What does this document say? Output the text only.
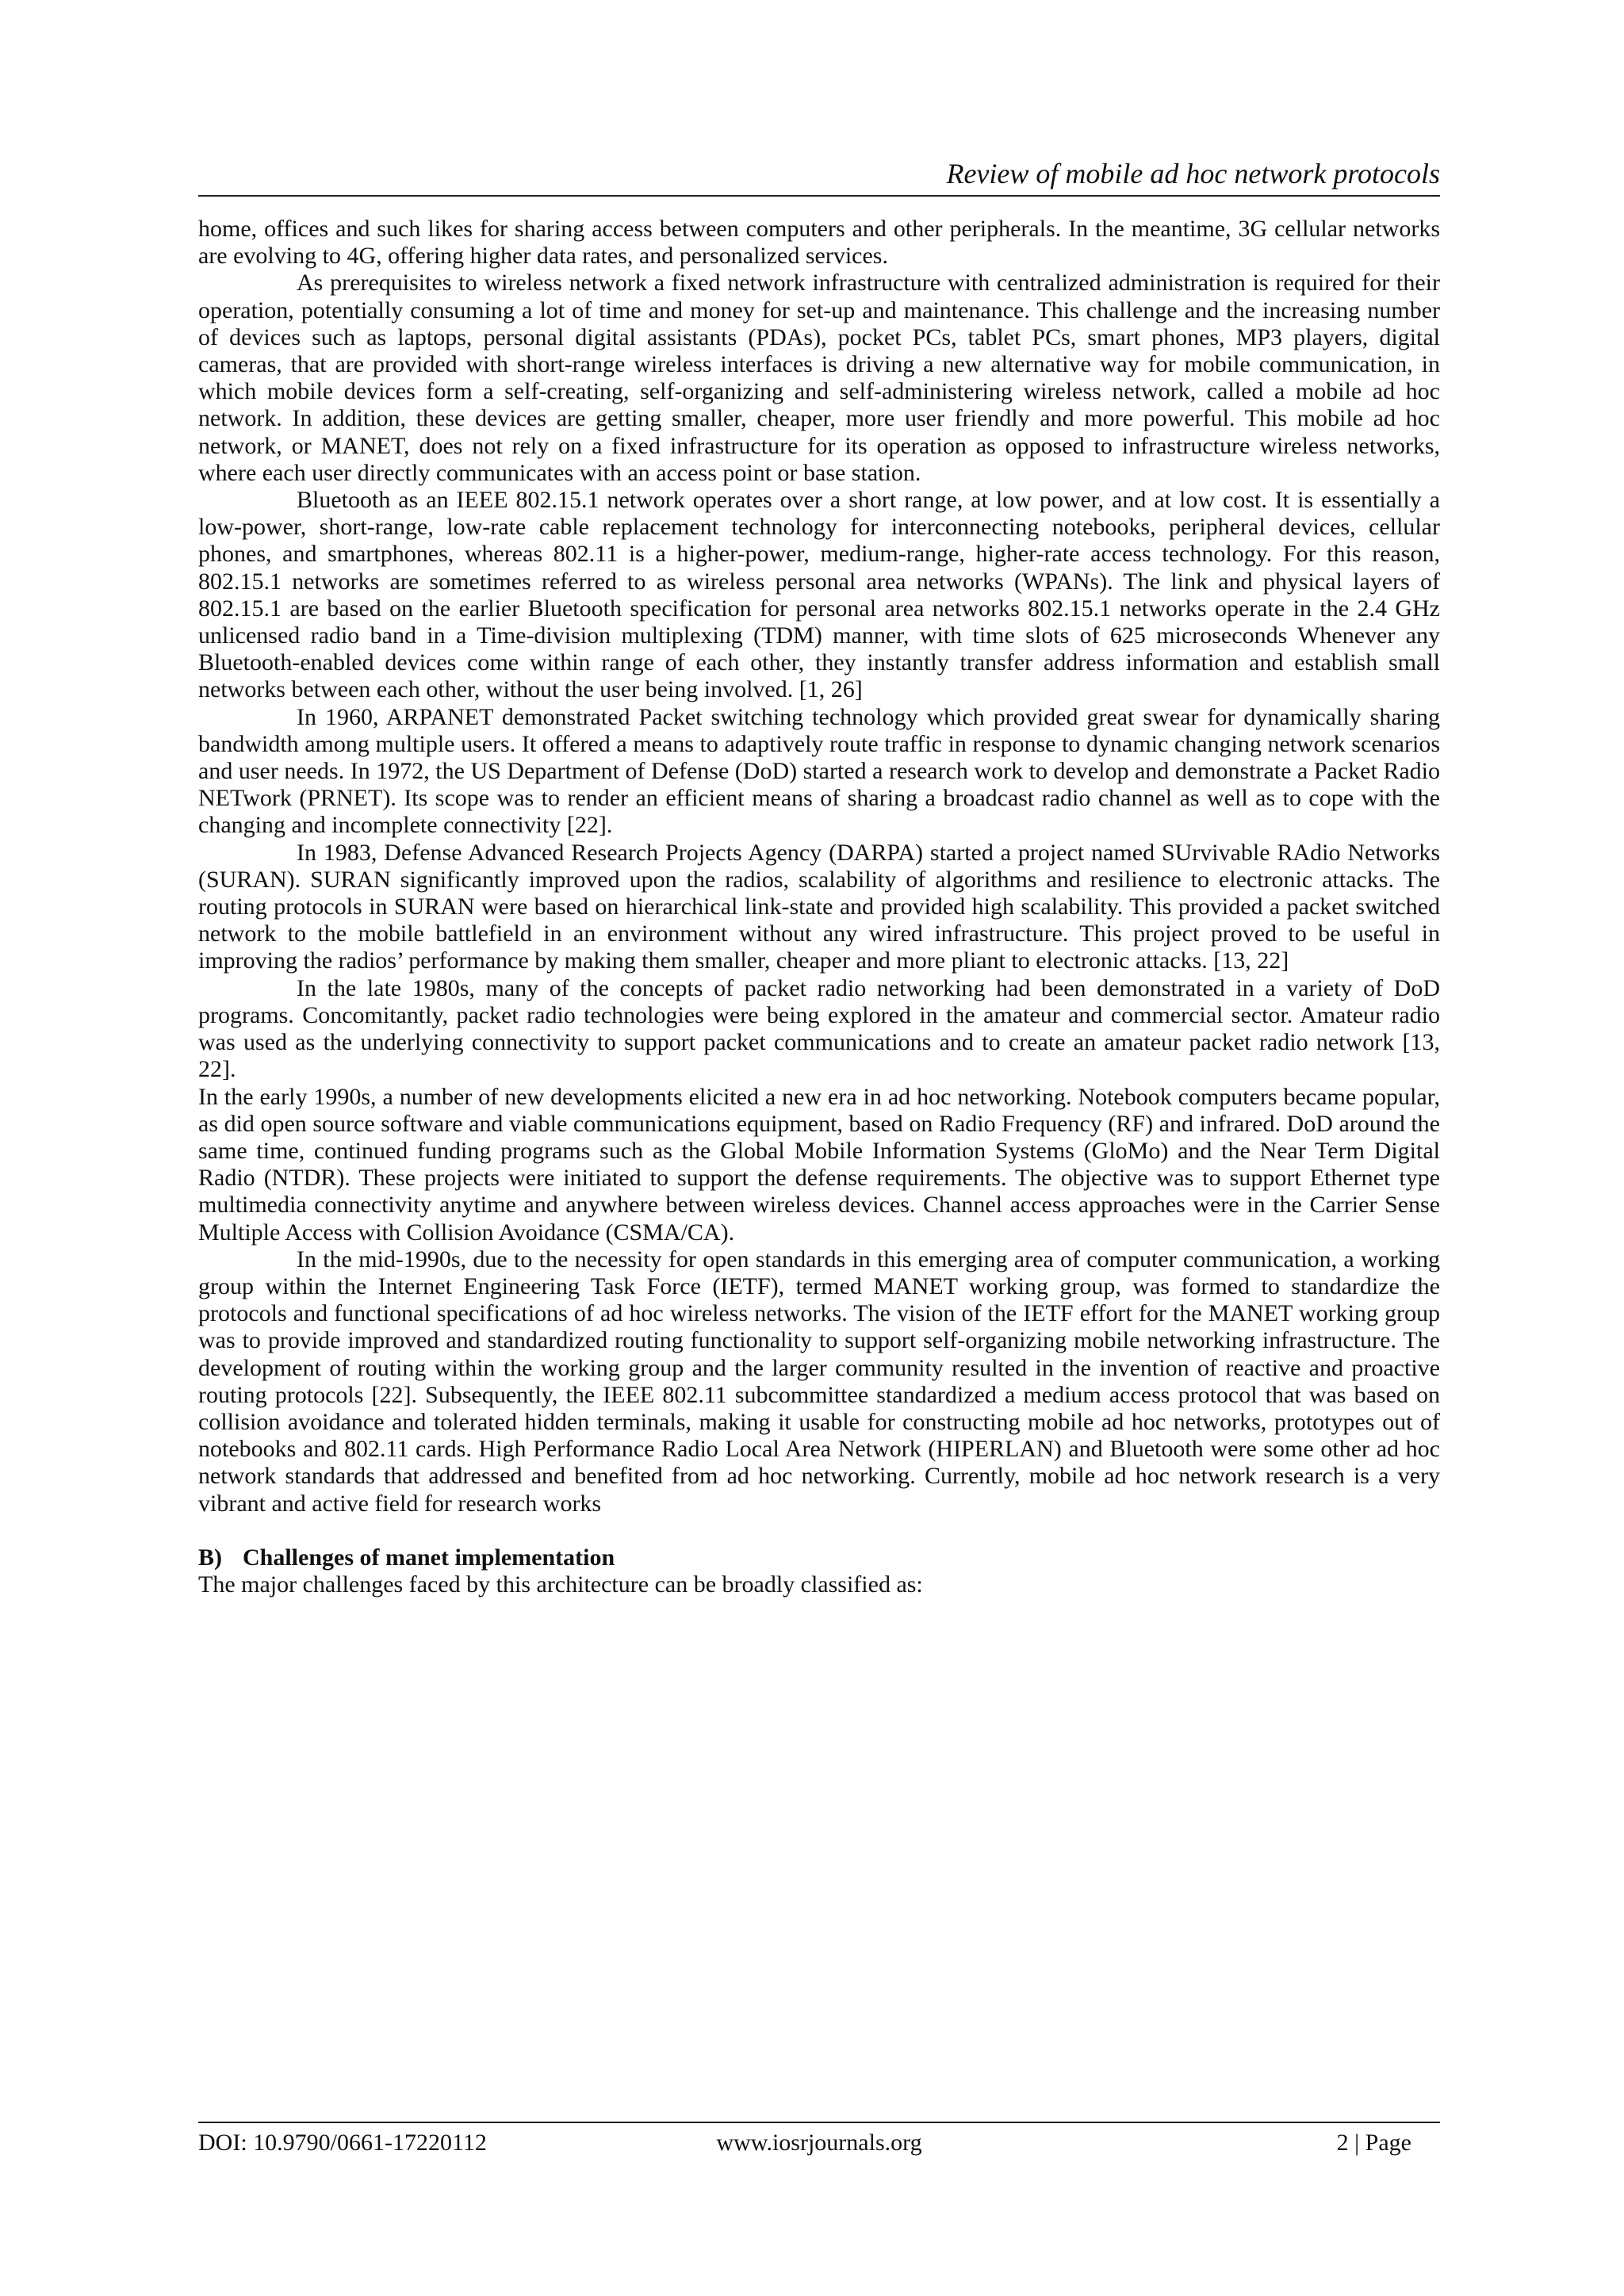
Review of mobile ad hoc network protocols

home, offices and such likes for sharing access between computers and other peripherals. In the meantime, 3G cellular networks are evolving to 4G, offering higher data rates, and personalized services.

As prerequisites to wireless network a fixed network infrastructure with centralized administration is required for their operation, potentially consuming a lot of time and money for set-up and maintenance. This challenge and the increasing number of devices such as laptops, personal digital assistants (PDAs), pocket PCs, tablet PCs, smart phones, MP3 players, digital cameras, that are provided with short-range wireless interfaces is driving a new alternative way for mobile communication, in which mobile devices form a self-creating, self-organizing and self-administering wireless network, called a mobile ad hoc network. In addition, these devices are getting smaller, cheaper, more user friendly and more powerful. This mobile ad hoc network, or MANET, does not rely on a fixed infrastructure for its operation as opposed to infrastructure wireless networks, where each user directly communicates with an access point or base station.

Bluetooth as an IEEE 802.15.1 network operates over a short range, at low power, and at low cost. It is essentially a low-power, short-range, low-rate cable replacement technology for interconnecting notebooks, peripheral devices, cellular phones, and smartphones, whereas 802.11 is a higher-power, medium-range, higher-rate access technology. For this reason, 802.15.1 networks are sometimes referred to as wireless personal area networks (WPANs). The link and physical layers of 802.15.1 are based on the earlier Bluetooth specification for personal area networks 802.15.1 networks operate in the 2.4 GHz unlicensed radio band in a Time-division multiplexing (TDM) manner, with time slots of 625 microseconds Whenever any Bluetooth-enabled devices come within range of each other, they instantly transfer address information and establish small networks between each other, without the user being involved. [1, 26]

In 1960, ARPANET demonstrated Packet switching technology which provided great swear for dynamically sharing bandwidth among multiple users. It offered a means to adaptively route traffic in response to dynamic changing network scenarios and user needs. In 1972, the US Department of Defense (DoD) started a research work to develop and demonstrate a Packet Radio NETwork (PRNET). Its scope was to render an efficient means of sharing a broadcast radio channel as well as to cope with the changing and incomplete connectivity [22].

In 1983, Defense Advanced Research Projects Agency (DARPA) started a project named SUrvivable RAdio Networks (SURAN). SURAN significantly improved upon the radios, scalability of algorithms and resilience to electronic attacks. The routing protocols in SURAN were based on hierarchical link-state and provided high scalability. This provided a packet switched network to the mobile battlefield in an environment without any wired infrastructure. This project proved to be useful in improving the radios’ performance by making them smaller, cheaper and more pliant to electronic attacks. [13, 22]

In the late 1980s, many of the concepts of packet radio networking had been demonstrated in a variety of DoD programs. Concomitantly, packet radio technologies were being explored in the amateur and commercial sector. Amateur radio was used as the underlying connectivity to support packet communications and to create an amateur packet radio network [13, 22].

In the early 1990s, a number of new developments elicited a new era in ad hoc networking. Notebook computers became popular, as did open source software and viable communications equipment, based on Radio Frequency (RF) and infrared. DoD around the same time, continued funding programs such as the Global Mobile Information Systems (GloMo) and the Near Term Digital Radio (NTDR). These projects were initiated to support the defense requirements. The objective was to support Ethernet type multimedia connectivity anytime and anywhere between wireless devices. Channel access approaches were in the Carrier Sense Multiple Access with Collision Avoidance (CSMA/CA).

In the mid-1990s, due to the necessity for open standards in this emerging area of computer communication, a working group within the Internet Engineering Task Force (IETF), termed MANET working group, was formed to standardize the protocols and functional specifications of ad hoc wireless networks. The vision of the IETF effort for the MANET working group was to provide improved and standardized routing functionality to support self-organizing mobile networking infrastructure. The development of routing within the working group and the larger community resulted in the invention of reactive and proactive routing protocols [22]. Subsequently, the IEEE 802.11 subcommittee standardized a medium access protocol that was based on collision avoidance and tolerated hidden terminals, making it usable for constructing mobile ad hoc networks, prototypes out of notebooks and 802.11 cards. High Performance Radio Local Area Network (HIPERLAN) and Bluetooth were some other ad hoc network standards that addressed and benefited from ad hoc networking. Currently, mobile ad hoc network research is a very vibrant and active field for research works

B) Challenges of manet implementation

The major challenges faced by this architecture can be broadly classified as:

DOI: 10.9790/0661-17220112	www.iosrjournals.org	2 | Page
